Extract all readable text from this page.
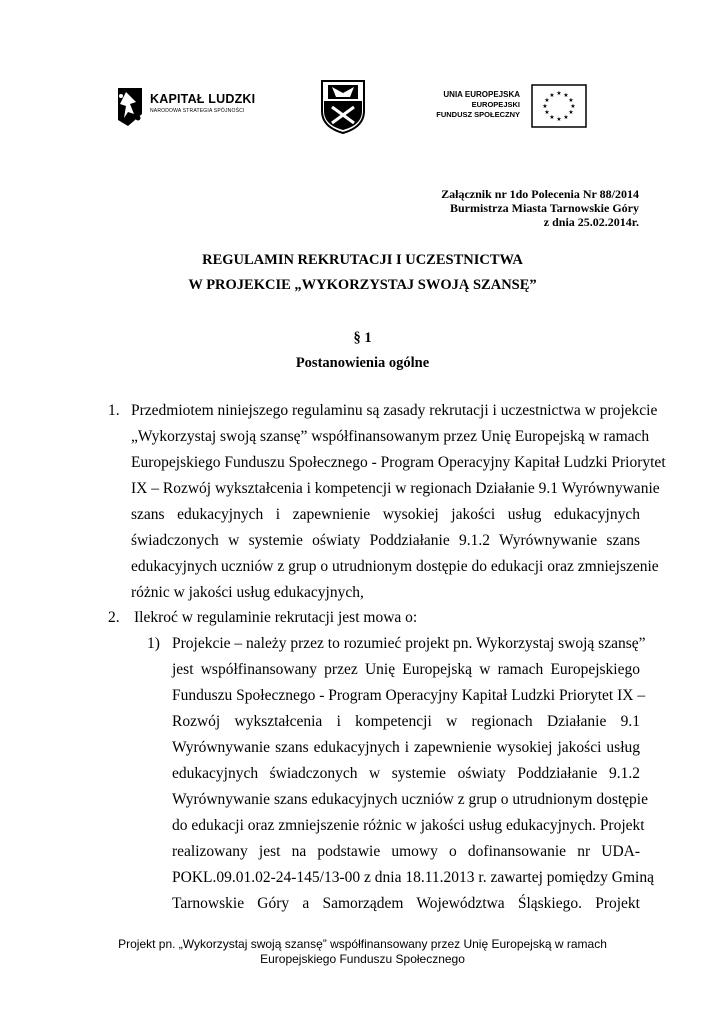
KAPITAŁ LUDZKI
NARODOWA STRATEGIA SPÓJNOŚCI
UNIA EUROPEJSKA
EUROPEJSKI
FUNDUSZ SPOŁECZNY
★ ★
★
★
★
★
★
★
★
★
★
★
Załącznik nr 1do Polecenia Nr 88/2014
Burmistrza Miasta Tarnowskie Góry
z dnia 25.02.2014r.
REGULAMIN REKRUTACJI I UCZESTNICTWA
W PROJEKCIE „WYKORZYSTAJ SWOJĄ SZANSĘ”
§ 1
Postanowienia ogólne
1. Przedmiotem niniejszego regulaminu są zasady rekrutacji i uczestnictwa w projekcie
„Wykorzystaj swoją szansę” współfinansowanym przez Unię Europejską w ramach
Europejskiego Funduszu Społecznego - Program Operacyjny Kapitał Ludzki Priorytet
IX – Rozwój wykształcenia i kompetencji w regionach Działanie 9.1 Wyrównywanie
szans edukacyjnych i zapewnienie wysokiej jakości usług edukacyjnych
świadczonych w systemie oświaty Poddziałanie 9.1.2 Wyrównywanie szans
edukacyjnych uczniów z grup o utrudnionym dostępie do edukacji oraz zmniejszenie
różnic w jakości usług edukacyjnych,
2. Ilekroć w regulaminie rekrutacji jest mowa o:
1) Projekcie – należy przez to rozumieć projekt pn. Wykorzystaj swoją szansę”
jest współfinansowany przez Unię Europejską w ramach Europejskiego
Funduszu Społecznego - Program Operacyjny Kapitał Ludzki Priorytet IX –
Rozwój wykształcenia i kompetencji w regionach Działanie 9.1
Wyrównywanie szans edukacyjnych i zapewnienie wysokiej jakości usług
edukacyjnych świadczonych w systemie oświaty Poddziałanie 9.1.2
Wyrównywanie szans edukacyjnych uczniów z grup o utrudnionym dostępie
do edukacji oraz zmniejszenie różnic w jakości usług edukacyjnych. Projekt
realizowany jest na podstawie umowy o dofinansowanie nr UDA-
POKL.09.01.02-24-145/13-00 z dnia 18.11.2013 r. zawartej pomiędzy Gminą
Tarnowskie Góry a Samorządem Województwa Śląskiego. Projekt
Projekt pn. „Wykorzystaj swoją szansę” współfinansowany przez Unię Europejską w ramach
Europejskiego Funduszu Społecznego
